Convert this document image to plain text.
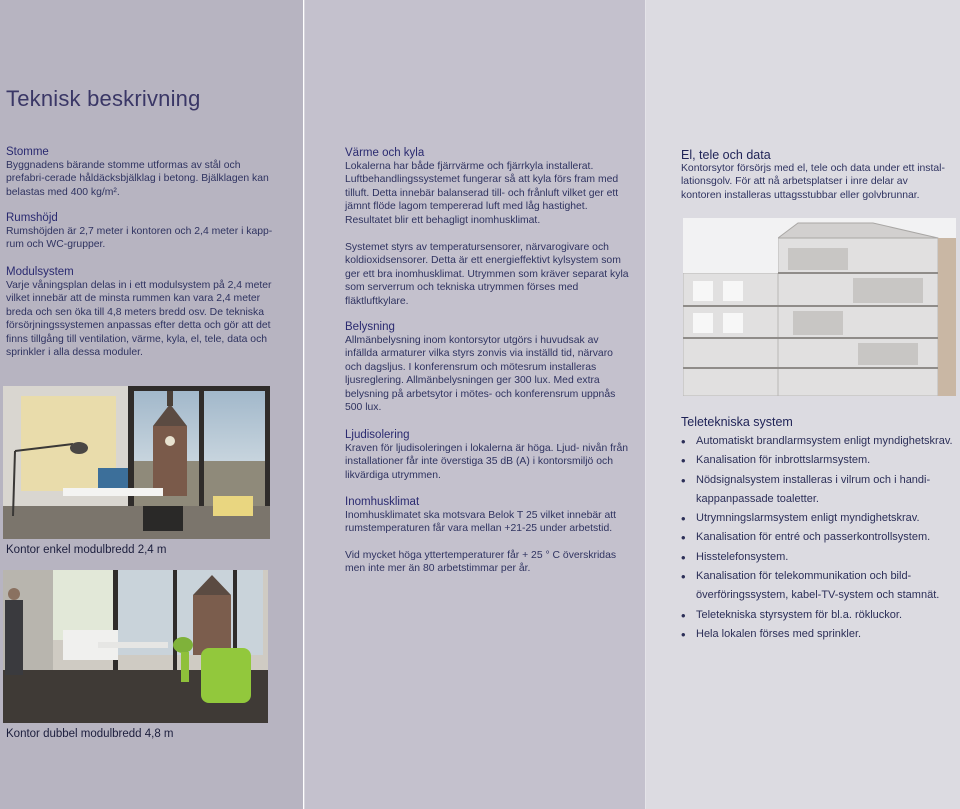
Teknisk beskrivning
Stomme

Byggnadens bärande stomme utformas av stål och prefabri-cerade håldäcksbjälklag i betong. Bjälklagen kan belastas med 400 kg/m².

Rumshöjd

Rumshöjden är 2,7 meter i kontoren och 2,4 meter i kapp-rum och WC-grupper.

Modulsystem

Varje våningsplan delas in i ett modulsystem på 2,4 meter vilket innebär att de minsta rummen kan vara 2,4 meter breda och sen öka till 4,8 meters bredd osv. De tekniska försörjningssystemen anpassas efter detta och gör att det finns tillgång till ventilation, värme, kyla, el, tele, data och sprinkler i alla dessa moduler.

Kontor enkel modulbredd 2,4 m
Kontor dubbel modulbredd 4,8 m
Värme och kyla

Lokalerna har både fjärrvärme och fjärrkyla installerat. Luftbehandlingssystemet fungerar så att kyla förs fram med tilluft. Detta innebär balanserad till- och frånluft vilket ger ett jämnt flöde lagom tempererad luft med låg hastighet. Resultatet blir ett behagligt inomhusklimat.

Systemet styrs av temperatursensorer, närvarogivare och koldioxidsensorer. Detta är ett energieffektivt kylsystem som ger ett bra inomhusklimat. Utrymmen som kräver separat kyla som serverrum och tekniska utrymmen förses med fläktluftkylare.

Belysning

Allmänbelysning inom kontorsytor utgörs i huvudsak av infällda armaturer vilka styrs zonvis via inställd tid, närvaro och dagsljus. I konferensrum och mötesrum installeras ljusreglering. Allmänbelysningen ger 300 lux. Med extra belysning på arbetsytor i mötes- och konferensrum uppnås 500 lux.

Ljudisolering

Kraven för ljudisoleringen i lokalerna är höga. Ljud- nivån från installationer får inte överstiga 35 dB (A) i kontorsmiljö och likvärdiga utrymmen.

Inomhusklimat

Inomhusklimatet ska motsvara Belok T 25 vilket innebär att rumstemperaturen får vara mellan +21-25 under arbetstid.

Vid mycket höga yttertemperaturer får + 25 ° C överskridas men inte mer än 80 arbetstimmar per år.

El, tele och data

Kontorsytor försörjs med el, tele och data under ett instal-lationsgolv. För att nå arbetsplatser i inre delar av kontoren installeras uttagsstubbar eller golvbrunnar.

Teletekniska system
• Automatiskt brandlarmsystem enligt myndighetskrav.
• Kanalisation för inbrottslarmsystem.
• Nödsignalsystem installeras i vilrum och i handi-
kappanpassade toaletter.
• Utrymningslarmsystem enligt myndighetskrav.
• Kanalisation för entré och passerkontrollsystem.
• Hisstelefonsystem.
• Kanalisation för telekommunikation och bild-
överföringssystem, kabel-TV-system och stamnät.
• Teletekniska styrsystem för bl.a. rökluckor.
• Hela lokalen förses med sprinkler.
